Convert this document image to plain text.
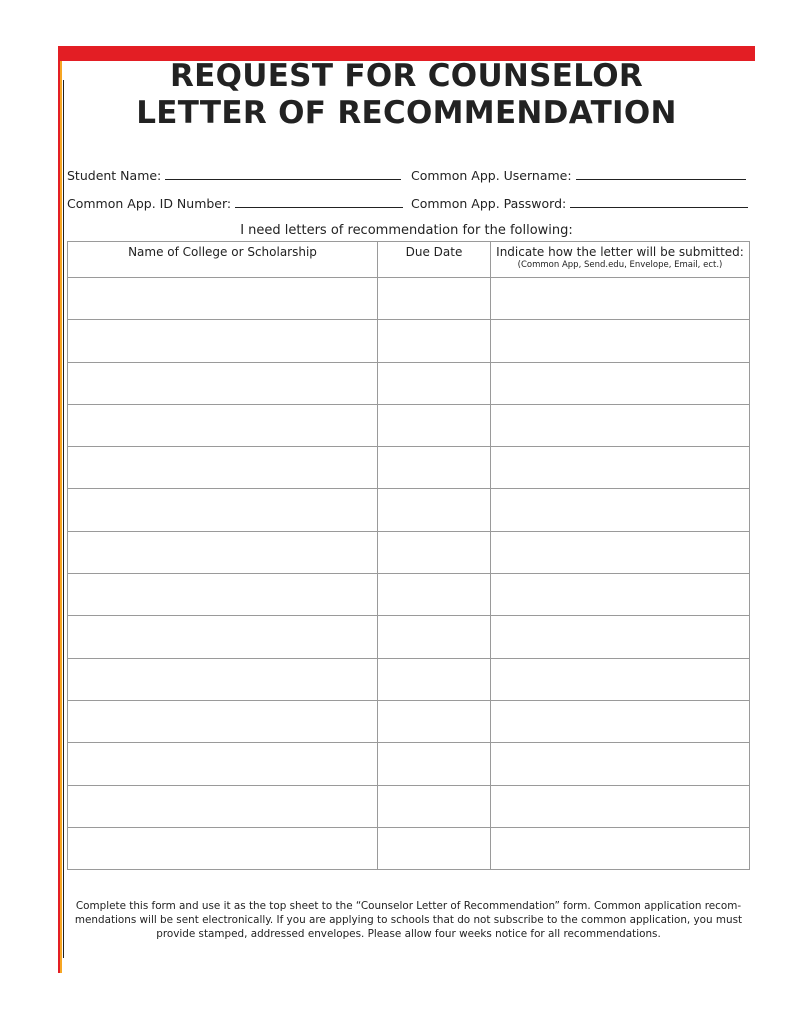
REQUEST FOR COUNSELOR
LETTER OF RECOMMENDATION
Student Name:	Common App. Username:
Common App. ID Number:	Common App. Password:
I need letters of recommendation for the following:
Name of College or Scholarship	Due Date	Indicate how the letter will be submitted:
(Common App, Send.edu, Envelope, Email, ect.)

Complete this form and use it as the top sheet to the “Counselor Letter of Recommendation” form. Common application recom-mendations will be sent electronically. If you are applying to schools that do not subscribe to the common application, you must provide stamped, addressed envelopes. Please allow four weeks notice for all recommendations.
